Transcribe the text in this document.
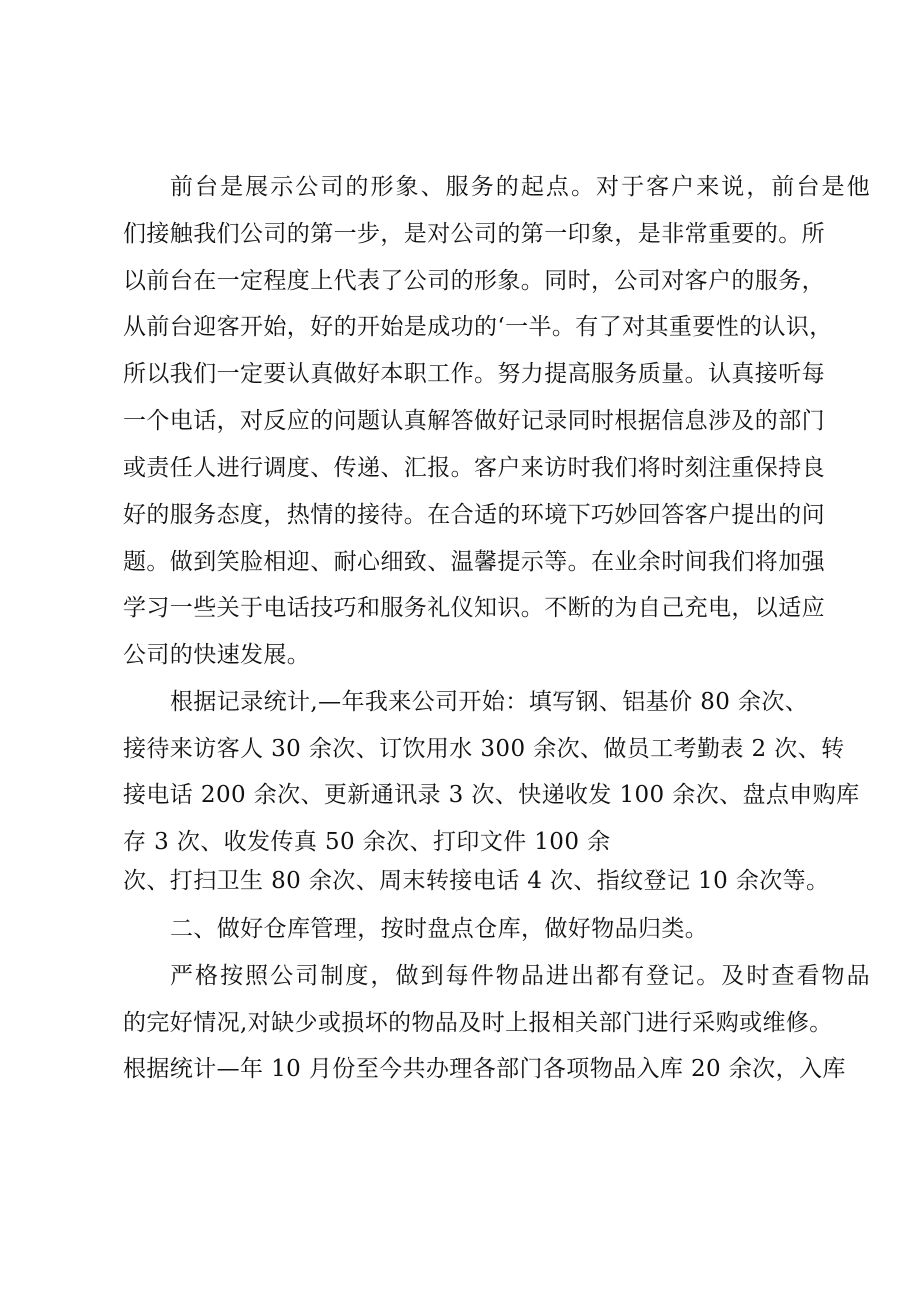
前台是展示公司的形象、服务的起点。对于客户来说，前台是他
们接触我们公司的第一步，是对公司的第一印象，是非常重要的。所
以前台在一定程度上代表了公司的形象。同时，公司对客户的服务，
从前台迎客开始，好的开始是成功的‘一半。有了对其重要性的认识，
所以我们一定要认真做好本职工作。努力提高服务质量。认真接听每
一个电话，对反应的问题认真解答做好记录同时根据信息涉及的部门
或责任人进行调度、传递、汇报。客户来访时我们将时刻注重保持良
好的服务态度，热情的接待。在合适的环境下巧妙回答客户提出的问
题。做到笑脸相迎、耐心细致、温馨提示等。在业余时间我们将加强
学习一些关于电话技巧和服务礼仪知识。不断的为自己充电，以适应
公司的快速发展。
根据记录统计,—年我来公司开始：填写钢、铝基价 80 余次、
接待来访客人 30 余次、订饮用水 300 余次、做员工考勤表 2 次、转
接电话 200 余次、更新通讯录 3 次、快递收发 100 余次、盘点申购库
存 3 次、收发传真 50 余次、打印文件 100 余
次、打扫卫生 80 余次、周末转接电话 4 次、指纹登记 10 余次等。
二、做好仓库管理，按时盘点仓库，做好物品归类。
严格按照公司制度，做到每件物品进出都有登记。及时查看物品
的完好情况,对缺少或损坏的物品及时上报相关部门进行采购或维修。
根据统计—年 10 月份至今共办理各部门各项物品入库 20 余次，入库
